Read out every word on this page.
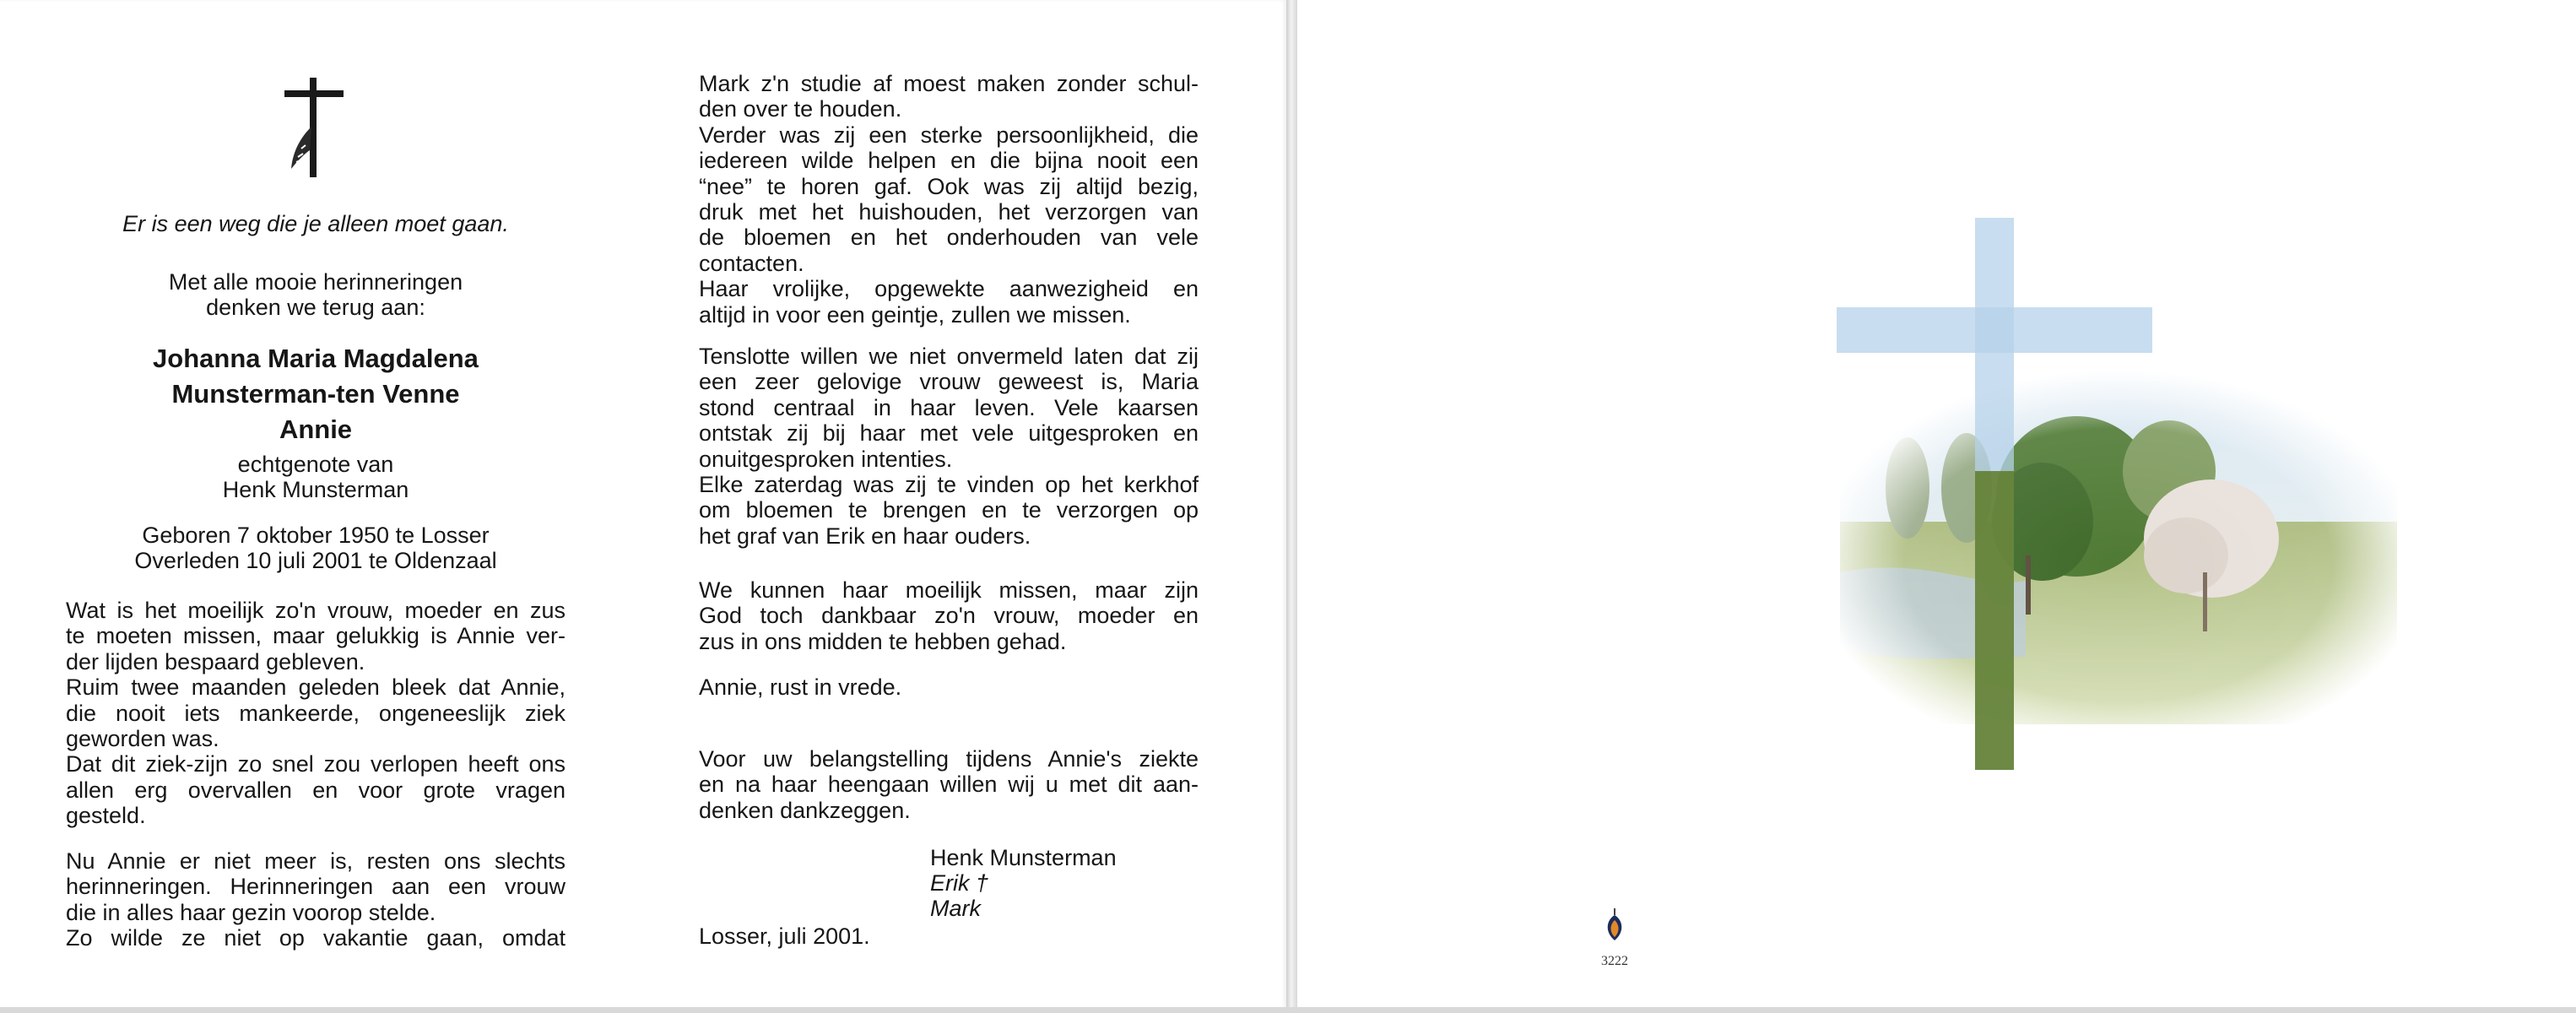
Er is een weg die je alleen moet gaan.

Met alle mooie herinneringen

denken we terug aan:

Johanna Maria Magdalena

Munsterman-ten Venne

Annie

echtgenote van

Henk Munsterman

Geboren 7 oktober 1950 te Losser

Overleden 10 juli 2001 te Oldenzaal

Wat is het moeilijk zo'n vrouw, moeder en zus

te moeten missen, maar gelukkig is Annie ver-

der lijden bespaard gebleven.

Ruim twee maanden geleden bleek dat Annie,

die nooit iets mankeerde, ongeneeslijk ziek

geworden was.

Dat dit ziek-zijn zo snel zou verlopen heeft ons

allen erg overvallen en voor grote vragen

gesteld.

Nu Annie er niet meer is, resten ons slechts

herinneringen. Herinneringen aan een vrouw

die in alles haar gezin voorop stelde.

Zo wilde ze niet op vakantie gaan, omdat

Mark z'n studie af moest maken zonder schul-

den over te houden.

Verder was zij een sterke persoonlijkheid, die

iedereen wilde helpen en die bijna nooit een

“nee” te horen gaf. Ook was zij altijd bezig,

druk met het huishouden, het verzorgen van

de bloemen en het onderhouden van vele

contacten.

Haar vrolijke, opgewekte aanwezigheid en

altijd in voor een geintje, zullen we missen.

Tenslotte willen we niet onvermeld laten dat zij

een zeer gelovige vrouw geweest is, Maria

stond centraal in haar leven. Vele kaarsen

ontstak zij bij haar met vele uitgesproken en

onuitgesproken intenties.

Elke zaterdag was zij te vinden op het kerkhof

om bloemen te brengen en te verzorgen op

het graf van Erik en haar ouders.

We kunnen haar moeilijk missen, maar zijn

God toch dankbaar zo'n vrouw, moeder en

zus in ons midden te hebben gehad.

Annie, rust in vrede.

Voor uw belangstelling tijdens Annie's ziekte

en na haar heengaan willen wij u met dit aan-

denken dankzeggen.

Losser, juli 2001.

Henk Munsterman

Erik †

Mark

3222
